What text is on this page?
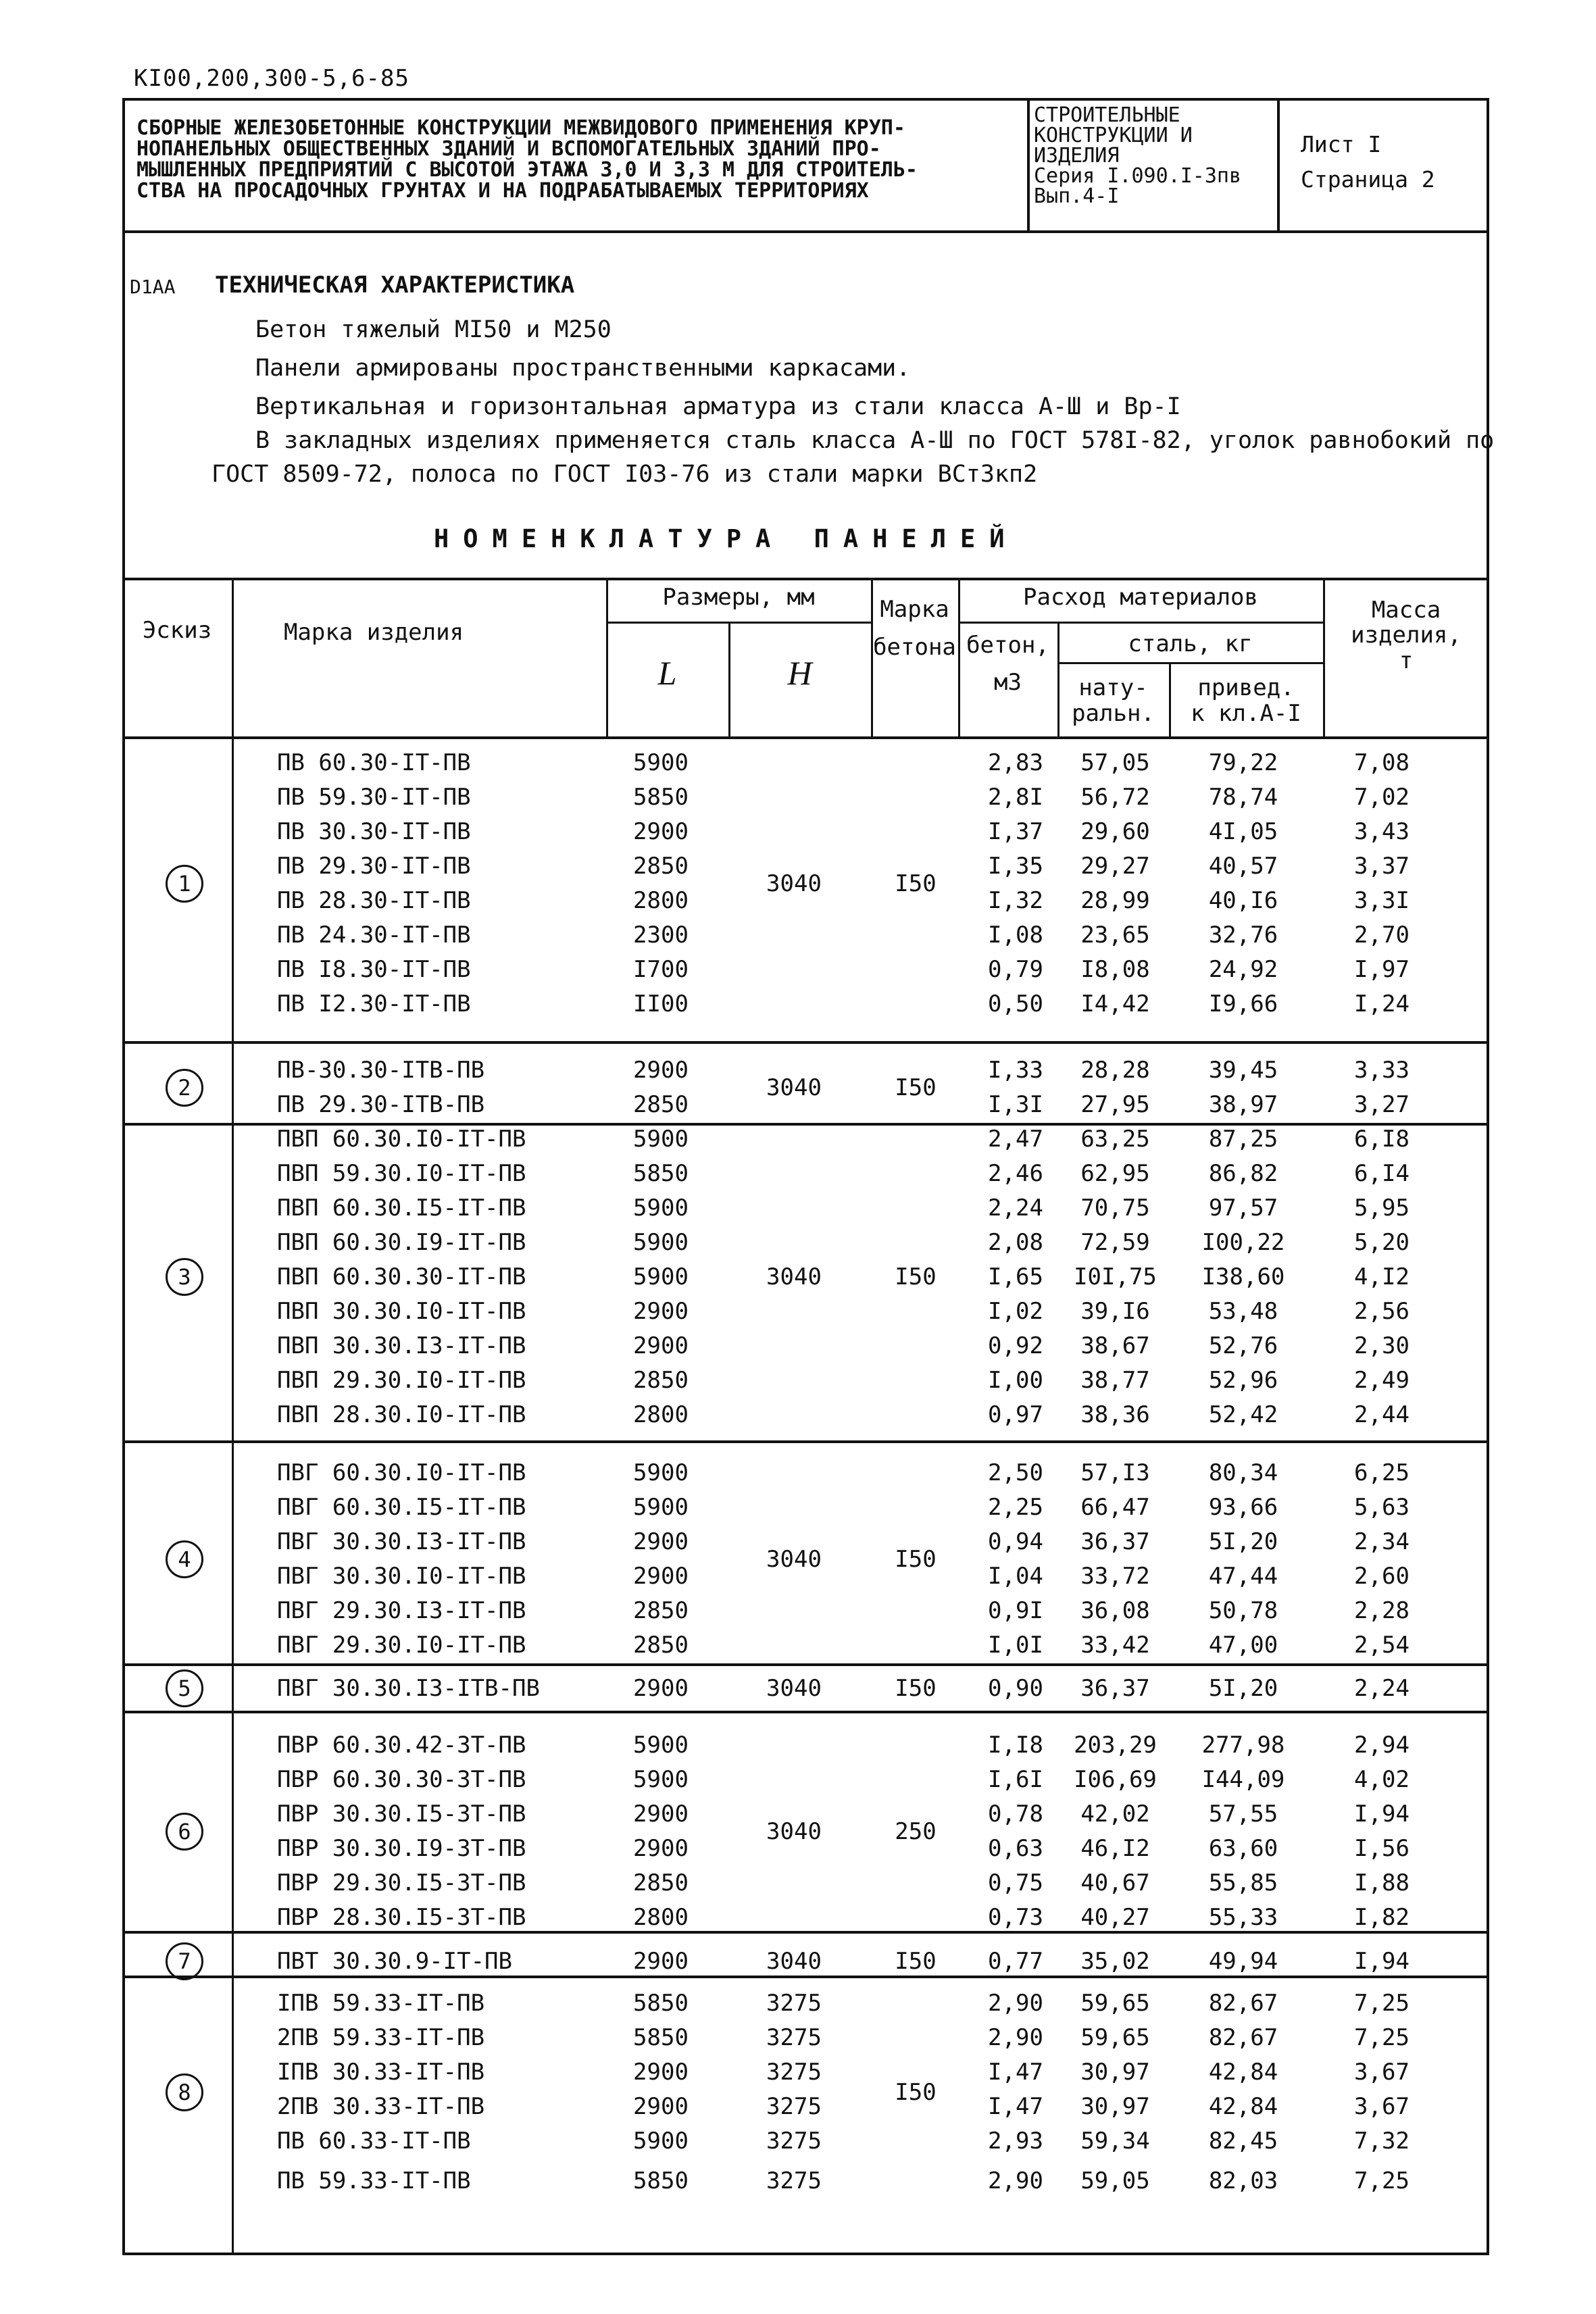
КI00,200,300-5,6-85
СБОРНЫЕ ЖЕЛЕЗОБЕТОННЫЕ КОНСТРУКЦИИ МЕЖВИДОВОГО ПРИМЕНЕНИЯ КРУП-
НОПАНЕЛЬНЫХ ОБЩЕСТВЕННЫХ ЗДАНИЙ И ВСПОМОГАТЕЛЬНЫХ ЗДАНИЙ ПРО-
МЫШЛЕННЫХ ПРЕДПРИЯТИЙ С ВЫСОТОЙ ЭТАЖА 3,0 И 3,3 М ДЛЯ СТРОИТЕЛЬ-
СТВА НА ПРОСАДОЧНЫХ ГРУНТАХ И НА ПОДРАБАТЫВАЕМЫХ ТЕРРИТОРИЯХ
СТРОИТЕЛЬНЫЕ
КОНСТРУКЦИИ И
ИЗДЕЛИЯ
Серия I.090.I-3пв
Вып.4-I
Лист I
Страница 2
D1AA ТЕХНИЧЕСКАЯ ХАРАКТЕРИСТИКА
Бетон тяжелый МI50 и М250
Панели армированы пространственными каркасами.
Вертикальная и горизонтальная арматура из стали класса А-Ш и Вр-I
В закладных изделиях применяется сталь класса А-Ш по ГОСТ 578I-82, уголок равнобокий по
ГОСТ 8509-72, полоса по ГОСТ I03-76 из стали марки ВСт3кп2
НОМЕНКЛАТУРА ПАНЕЛЕЙ
Эскиз	Марка изделия
Размеры, мм
L	H
Марка
бетона
Расход материалов
бетон,
м3
сталь, кг
нату-
ральн.
привед.
к кл.А-I
Масса
изделия,
т
1	3040	I50
ПВ 60.30-IТ-ПВ	5900	2,83	57,05	79,22	7,08
ПВ 59.30-IТ-ПВ	5850	2,8I	56,72	78,74	7,02
ПВ 30.30-IТ-ПВ	2900	I,37	29,60	4I,05	3,43
ПВ 29.30-IТ-ПВ	2850	I,35	29,27	40,57	3,37
ПВ 28.30-IТ-ПВ	2800	I,32	28,99	40,I6	3,3I
ПВ 24.30-IТ-ПВ	2300	I,08	23,65	32,76	2,70
ПВ I8.30-IТ-ПВ	I700	0,79	I8,08	24,92	I,97
ПВ I2.30-IТ-ПВ	II00	0,50	I4,42	I9,66	I,24
2	3040	I50
ПВ-30.30-IТВ-ПВ	2900	I,33	28,28	39,45	3,33
ПВ 29.30-IТВ-ПВ	2850	I,3I	27,95	38,97	3,27
3	3040	I50
ПВП 60.30.I0-IТ-ПВ	5900	2,47	63,25	87,25	6,I8
ПВП 59.30.I0-IТ-ПВ	5850	2,46	62,95	86,82	6,I4
ПВП 60.30.I5-IТ-ПВ	5900	2,24	70,75	97,57	5,95
ПВП 60.30.I9-IТ-ПВ	5900	2,08	72,59	I00,22	5,20
ПВП 60.30.30-IТ-ПВ	5900	I,65	I0I,75	I38,60	4,I2
ПВП 30.30.I0-IТ-ПВ	2900	I,02	39,I6	53,48	2,56
ПВП 30.30.I3-IТ-ПВ	2900	0,92	38,67	52,76	2,30
ПВП 29.30.I0-IТ-ПВ	2850	I,00	38,77	52,96	2,49
ПВП 28.30.I0-IТ-ПВ	2800	0,97	38,36	52,42	2,44
4	3040	I50
ПВГ 60.30.I0-IТ-ПВ	5900	2,50	57,I3	80,34	6,25
ПВГ 60.30.I5-IТ-ПВ	5900	2,25	66,47	93,66	5,63
ПВГ 30.30.I3-IТ-ПВ	2900	0,94	36,37	5I,20	2,34
ПВГ 30.30.I0-IТ-ПВ	2900	I,04	33,72	47,44	2,60
ПВГ 29.30.I3-IТ-ПВ	2850	0,9I	36,08	50,78	2,28
ПВГ 29.30.I0-IТ-ПВ	2850	I,0I	33,42	47,00	2,54
5	3040	I50
ПВГ 30.30.I3-IТВ-ПВ	2900	0,90	36,37	5I,20	2,24
6	3040	250
ПВР 60.30.42-3Т-ПВ	5900	I,I8	203,29	277,98	2,94
ПВР 60.30.30-3Т-ПВ	5900	I,6I	I06,69	I44,09	4,02
ПВР 30.30.I5-3Т-ПВ	2900	0,78	42,02	57,55	I,94
ПВР 30.30.I9-3Т-ПВ	2900	0,63	46,I2	63,60	I,56
ПВР 29.30.I5-3Т-ПВ	2850	0,75	40,67	55,85	I,88
ПВР 28.30.I5-3Т-ПВ	2800	0,73	40,27	55,33	I,82
7	3040	I50
ПВТ 30.30.9-IТ-ПВ	2900	0,77	35,02	49,94	I,94
8	I50
IПВ 59.33-IТ-ПВ	5850	3275	2,90	59,65	82,67	7,25
2ПВ 59.33-IТ-ПВ	5850	3275	2,90	59,65	82,67	7,25
IПВ 30.33-IТ-ПВ	2900	3275	I,47	30,97	42,84	3,67
2ПВ 30.33-IТ-ПВ	2900	3275	I,47	30,97	42,84	3,67
ПВ 60.33-IТ-ПВ	5900	3275	2,93	59,34	82,45	7,32
ПВ 59.33-IТ-ПВ	5850	3275	2,90	59,05	82,03	7,25
